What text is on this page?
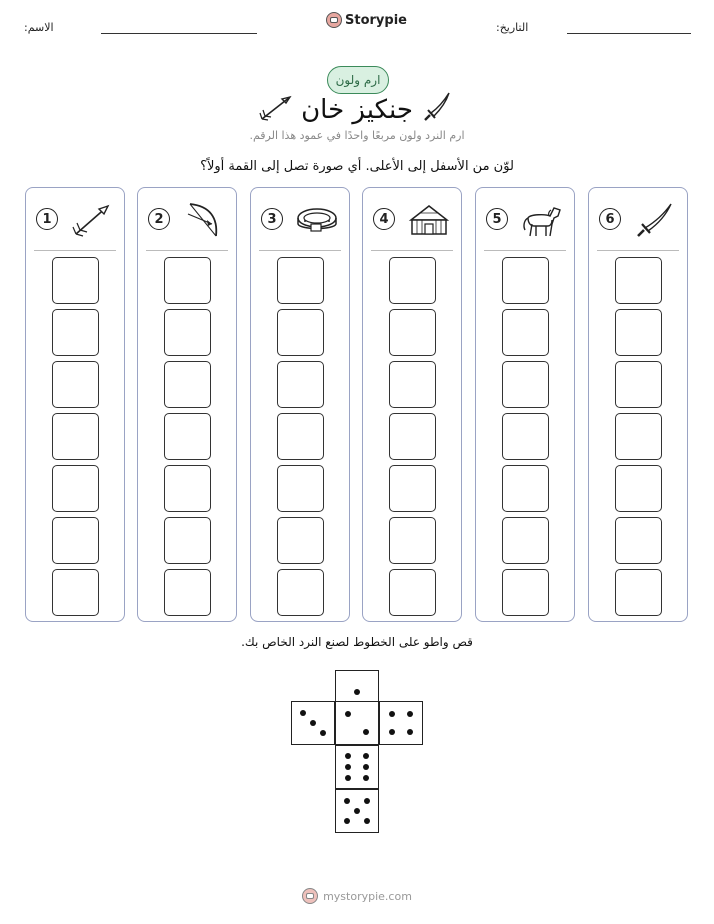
الاسم:	Storypie	التاريخ:
ارم ولون
جنكيز خان
ارم النرد ولون مربعًا واحدًا في عمود هذا الرقم.
لوّن من الأسفل إلى الأعلى. أي صورة تصل إلى القمة أولاً؟
1	2	3	4	5	6
قص واطو على الخطوط لصنع النرد الخاص بك.
mystorypie.com
